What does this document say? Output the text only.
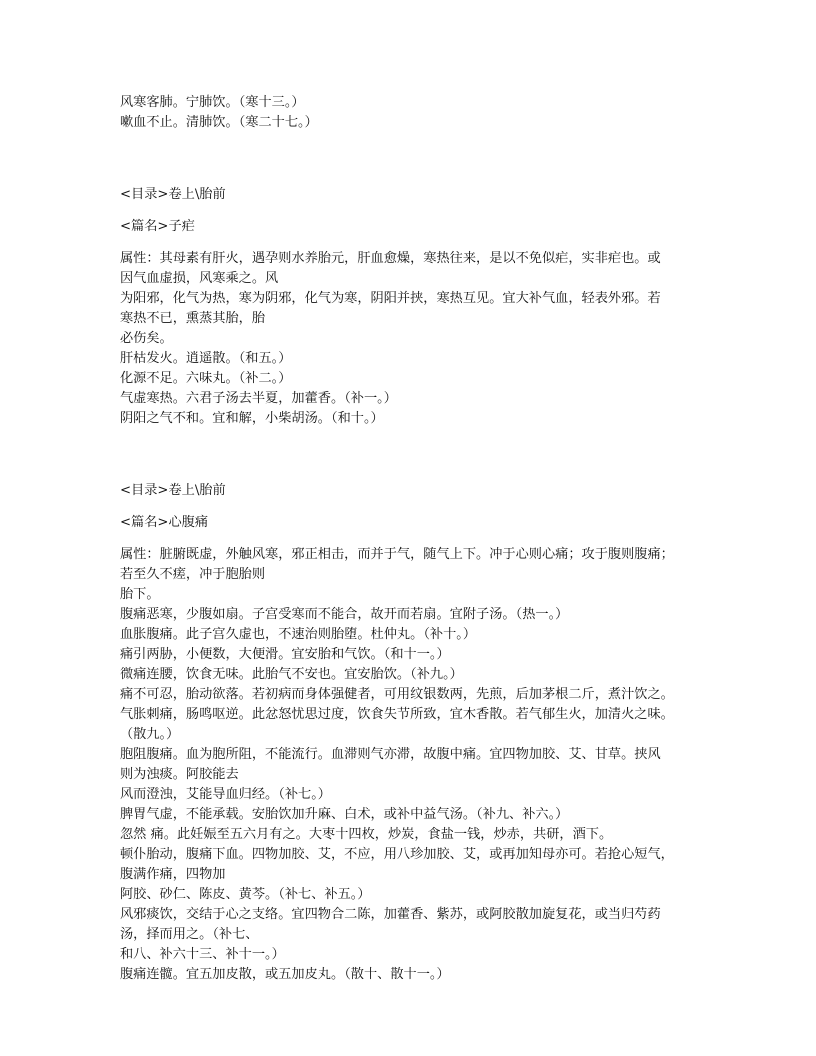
风寒客肺。宁肺饮。（寒十三。）
嗽血不止。清肺饮。（寒二十七。）
<目录>卷上\胎前
<篇名>子疟
属性：其母素有肝火，遇孕则水养胎元，肝血愈燥，寒热往来，是以不免似疟，实非疟也。或
因气血虚损，风寒乘之。风
为阳邪，化气为热，寒为阴邪，化气为寒，阴阳并挟，寒热互见。宜大补气血，轻表外邪。若
寒热不已，熏蒸其胎，胎
必伤矣。
肝枯发火。逍遥散。（和五。）
化源不足。六味丸。（补二。）
气虚寒热。六君子汤去半夏，加藿香。（补一。）
阴阳之气不和。宜和解，小柴胡汤。（和十。）
<目录>卷上\胎前
<篇名>心腹痛
属性：脏腑既虚，外触风寒，邪正相击，而并于气，随气上下。冲于心则心痛；攻于腹则腹痛；
若至久不瘥，冲于胞胎则
胎下。
腹痛恶寒，少腹如扇。子宫受寒而不能合，故开而若扇。宜附子汤。（热一。）
血胀腹痛。此子宫久虚也，不速治则胎堕。杜仲丸。（补十。）
痛引两胁，小便数，大便滑。宜安胎和气饮。（和十一。）
微痛连腰，饮食无味。此胎气不安也。宜安胎饮。（补九。）
痛不可忍，胎动欲落。若初病而身体强健者，可用纹银数两，先煎，后加茅根二斤，煮汁饮之。
气胀刺痛，肠鸣呕逆。此忿怒忧思过度，饮食失节所致，宜木香散。若气郁生火，加清火之味。
（散九。）
胞阻腹痛。血为胞所阻，不能流行。血滞则气亦滞，故腹中痛。宜四物加胶、艾、甘草。挟风
则为浊痰。阿胶能去
风而澄浊，艾能导血归经。（补七。）
脾胃气虚，不能承载。安胎饮加升麻、白术，或补中益气汤。（补九、补六。）
忽然 痛。此妊娠至五六月有之。大枣十四枚，炒炭，食盐一钱，炒赤，共研，酒下。
顿仆胎动，腹痛下血。四物加胶、艾，不应，用八珍加胶、艾，或再加知母亦可。若抢心短气，
腹满作痛，四物加
阿胶、砂仁、陈皮、黄芩。（补七、补五。）
风邪痰饮，交结于心之支络。宜四物合二陈，加藿香、紫苏，或阿胶散加旋复花，或当归芍药
汤，择而用之。（补七、
和八、补六十三、补十一。）
腹痛连髋。宜五加皮散，或五加皮丸。（散十、散十一。）
